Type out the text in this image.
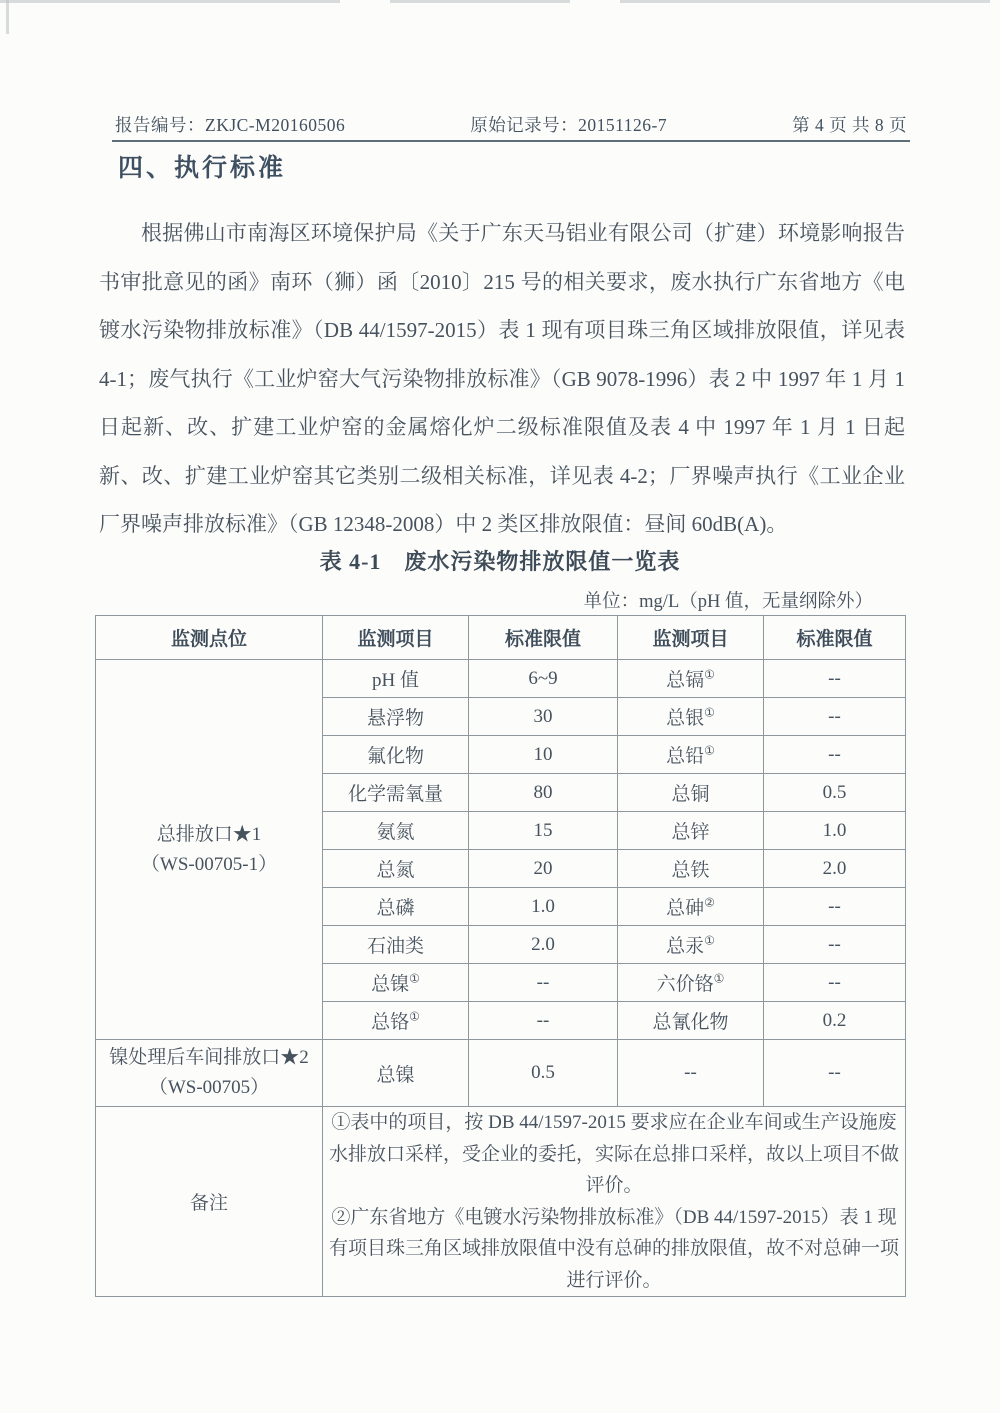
报告编号：ZKJC-M20160506	原始记录号：20151126-7	第 4 页 共 8 页
四、执行标准
根据佛山市南海区环境保护局《关于广东天马铝业有限公司（扩建）环境影响报告书审批意见的函》南环（狮）函〔2010〕215 号的相关要求，废水执行广东省地方《电镀水污染物排放标准》（DB 44/1597-2015）表 1 现有项目珠三角区域排放限值，详见表 4-1；废气执行《工业炉窑大气污染物排放标准》（GB 9078-1996）表 2 中 1997 年 1 月 1 日起新、改、扩建工业炉窑的金属熔化炉二级标准限值及表 4 中 1997 年 1 月 1 日起新、改、扩建工业炉窑其它类别二级相关标准，详见表 4-2；厂界噪声执行《工业企业厂界噪声排放标准》（GB 12348-2008）中 2 类区排放限值：昼间 60dB(A)。
表 4-1　废水污染物排放限值一览表
单位：mg/L（pH 值，无量纲除外）
监测点位	监测项目	标准限值	监测项目	标准限值

总排放口★1
（WS-00705-1）	pH 值	6~9	总镉①	--
	悬浮物	30	总银①	--
	氟化物	10	总铅①	--
	化学需氧量	80	总铜	0.5
	氨氮	15	总锌	1.0
	总氮	20	总铁	2.0
	总磷	1.0	总砷②	--
	石油类	2.0	总汞①	--
	总镍①	--	六价铬①	--
	总铬①	--	总氰化物	0.2

镍处理后车间排放口★2
（WS-00705）	总镍	0.5	--	--
备注	①表中的项目，按 DB 44/1597-2015 要求应在企业车间或生产设施废水排放口采样，受企业的委托，实际在总排口采样，故以上项目不做评价。
②广东省地方《电镀水污染物排放标准》（DB 44/1597-2015）表 1 现有项目珠三角区域排放限值中没有总砷的排放限值，故不对总砷一项进行评价。			
